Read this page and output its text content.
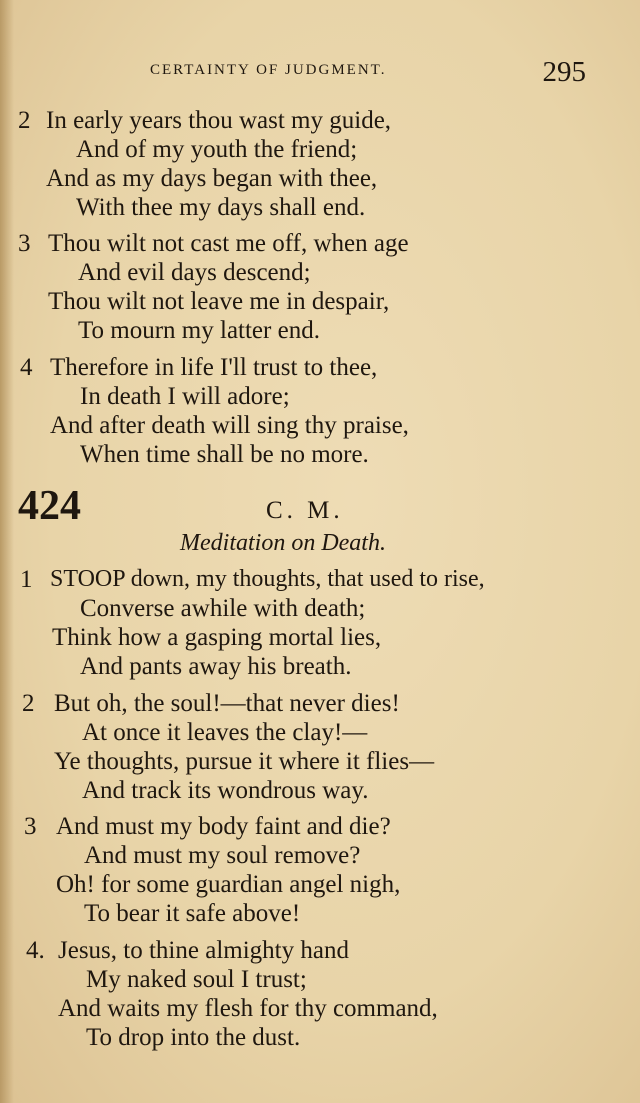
CERTAINTY OF JUDGMENT.	295
2 In early years thou wast my guide,
And of my youth the friend;
And as my days began with thee,
With thee my days shall end.
3 Thou wilt not cast me off, when age
And evil days descend;
Thou wilt not leave me in despair,
To mourn my latter end.
4 Therefore in life I'll trust to thee,
In death I will adore;
And after death will sing thy praise,
When time shall be no more.
424	C. M.
Meditation on Death.
1 STOOP down, my thoughts, that used to rise,
Converse awhile with death;
Think how a gasping mortal lies,
And pants away his breath.
2 But oh, the soul!—that never dies!
At once it leaves the clay!—
Ye thoughts, pursue it where it flies—
And track its wondrous way.
3 And must my body faint and die?
And must my soul remove?
Oh! for some guardian angel nigh,
To bear it safe above!
4. Jesus, to thine almighty hand
My naked soul I trust;
And waits my flesh for thy command,
To drop into the dust.
